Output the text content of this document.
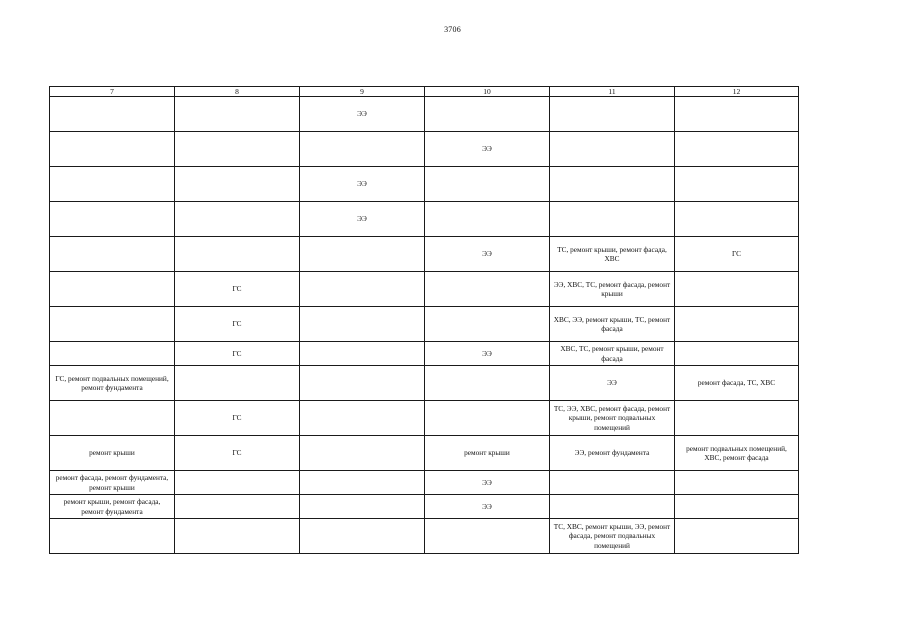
3706
7	8	9	10	11	12
		ЭЭ			
			ЭЭ		
		ЭЭ			
		ЭЭ			
			ЭЭ	ТС, ремонт крыши, ремонт фасада, ХВС	ГС
	ГС			ЭЭ, ХВС, ТС, ремонт фасада, ремонт крыши	
	ГС			ХВС, ЭЭ, ремонт крыши, ТС, ремонт фасада	
	ГС		ЭЭ	ХВС, ТС, ремонт крыши, ремонт фасада	
ГС, ремонт подвальных помещений, ремонт фундамента				ЭЭ	ремонт фасада, ТС, ХВС
	ГС			ТС, ЭЭ, ХВС, ремонт фасада, ремонт крыши, ремонт подвальных помещений	
ремонт крыши	ГС		ремонт крыши	ЭЭ, ремонт фундамента	ремонт подвальных помещений, ХВС, ремонт фасада
ремонт фасада, ремонт фундамента, ремонт крыши			ЭЭ		
ремонт крыши, ремонт фасада, ремонт фундамента			ЭЭ		
				ТС, ХВС, ремонт крыши, ЭЭ, ремонт фасада, ремонт подвальных помещений	
